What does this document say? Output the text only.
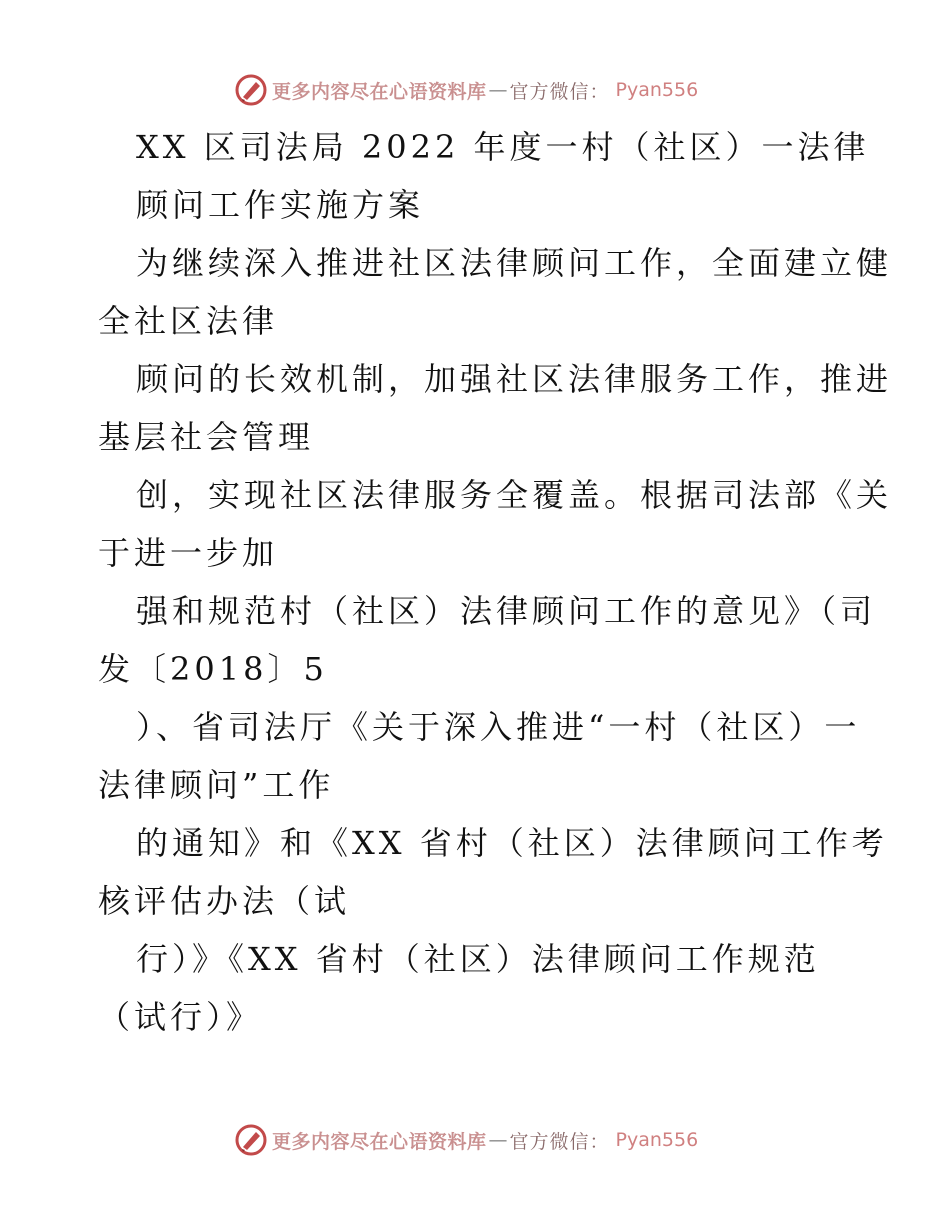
更多内容尽在心语资料库 — 官方微信： Pyan556
XX 区司法局 2022 年度一村（社区）一法律
顾问工作实施方案
为继续深入推进社区法律顾问工作，全面建立健
全社区法律
顾问的长效机制，加强社区法律服务工作，推进
基层社会管理
创，实现社区法律服务全覆盖。根据司法部《关
于进一步加
强和规范村（社区）法律顾问工作的意见》（司
发〔2018〕5
）、省司法厅《关于深入推进“一村（社区）一
法律顾问”工作
的通知》和《XX 省村（社区）法律顾问工作考
核评估办法（试
行）》《XX 省村（社区）法律顾问工作规范
（试行）》
更多内容尽在心语资料库 — 官方微信： Pyan556
